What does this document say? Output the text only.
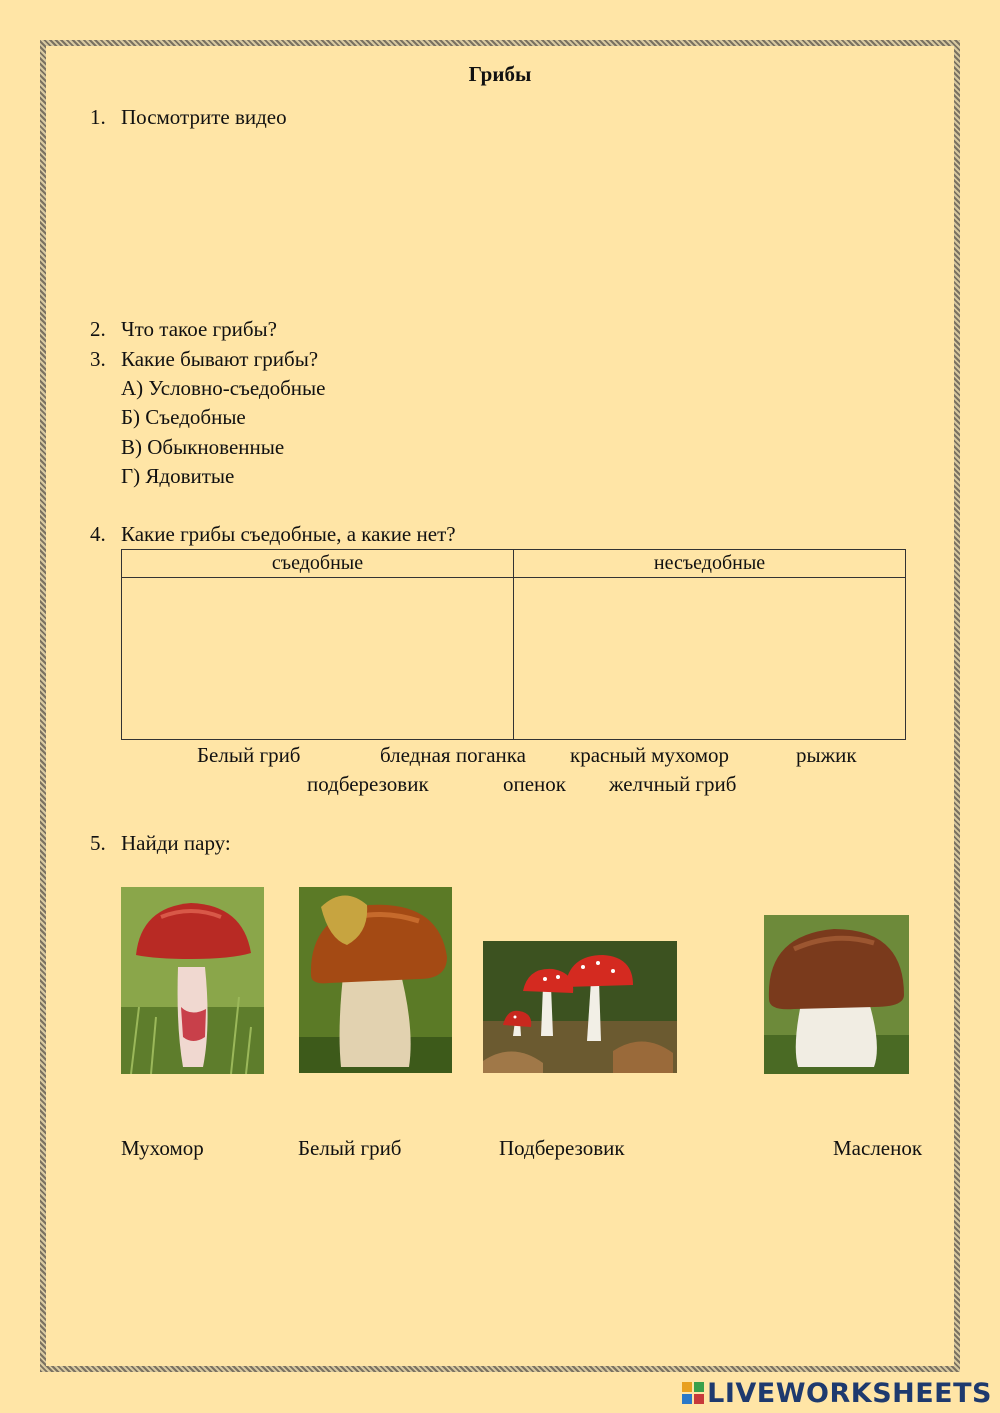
Грибы
1. Посмотрите видео
2. Что такое грибы?
3. Какие бывают грибы?
А) Условно-съедобные
Б) Съедобные
В) Обыкновенные
Г) Ядовитые
4. Какие грибы съедобные, а какие нет?
съедобные	несъедобные

Белый гриб	бледная поганка красный мухомор	рыжик
подберезовик	опенок желчный гриб
5. Найди пару:
Мухомор	Белый гриб	Подберезовик	Масленок
LIVEWORKSHEETS
